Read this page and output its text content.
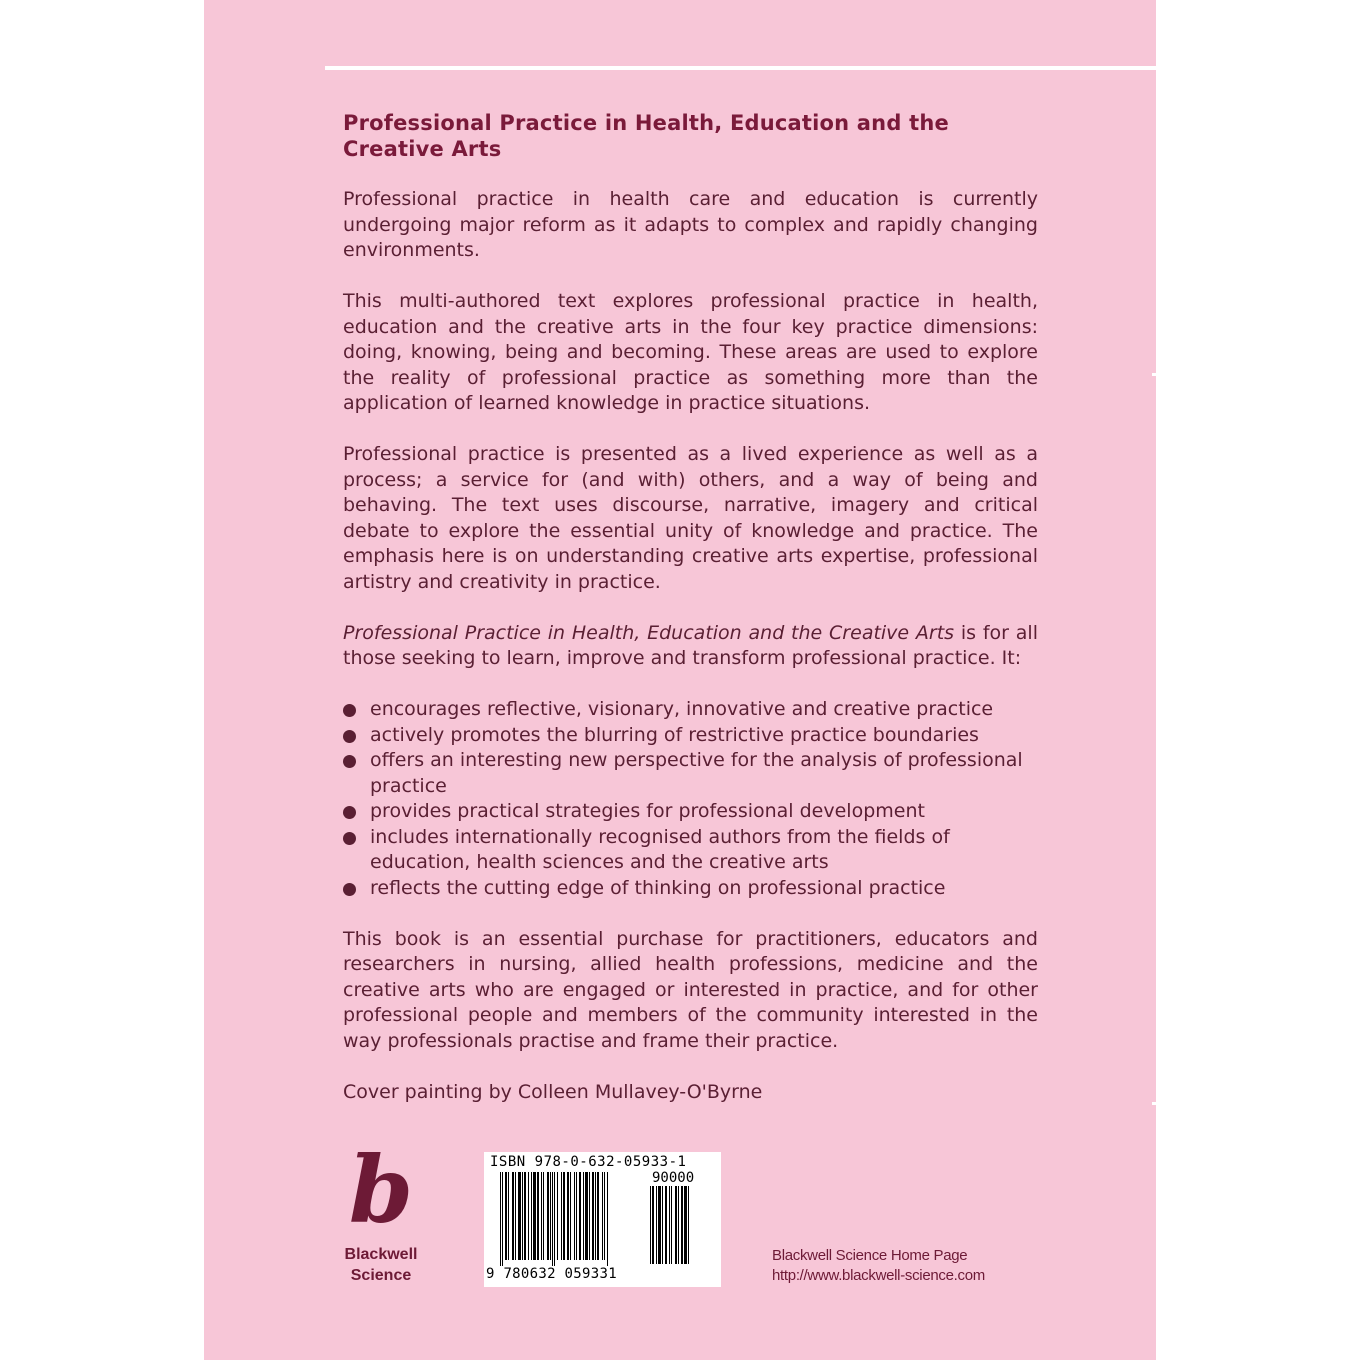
Professional Practice in Health, Education and the Creative Arts

Professional practice in health care and education is currently undergoing major reform as it adapts to complex and rapidly changing environments.

This multi-authored text explores professional practice in health, education and the creative arts in the four key practice dimensions: doing, knowing, being and becoming. These areas are used to explore the reality of professional practice as something more than the application of learned knowledge in practice situations.

Professional practice is presented as a lived experience as well as a process; a service for (and with) others, and a way of being and behaving. The text uses discourse, narrative, imagery and critical debate to explore the essential unity of knowledge and practice. The emphasis here is on understanding creative arts expertise, professional artistry and creativity in practice.

Professional Practice in Health, Education and the Creative Arts is for all those seeking to learn, improve and transform professional practice. It:

encourages reflective, visionary, innovative and creative practice
actively promotes the blurring of restrictive practice boundaries
offers an interesting new perspective for the analysis of professional practice
provides practical strategies for professional development
includes internationally recognised authors from the fields of education, health sciences and the creative arts
reflects the cutting edge of thinking on professional practice

This book is an essential purchase for practitioners, educators and researchers in nursing, allied health professions, medicine and the creative arts who are engaged or interested in practice, and for other professional people and members of the community interested in the way professionals practise and frame their practice.

Cover painting by Colleen Mullavey-O'Byrne
b
Blackwell
Science
ISBN 978-0-632-05933-1
90000
9 780632 059331
Blackwell Science Home Page
http://www.blackwell-science.com
